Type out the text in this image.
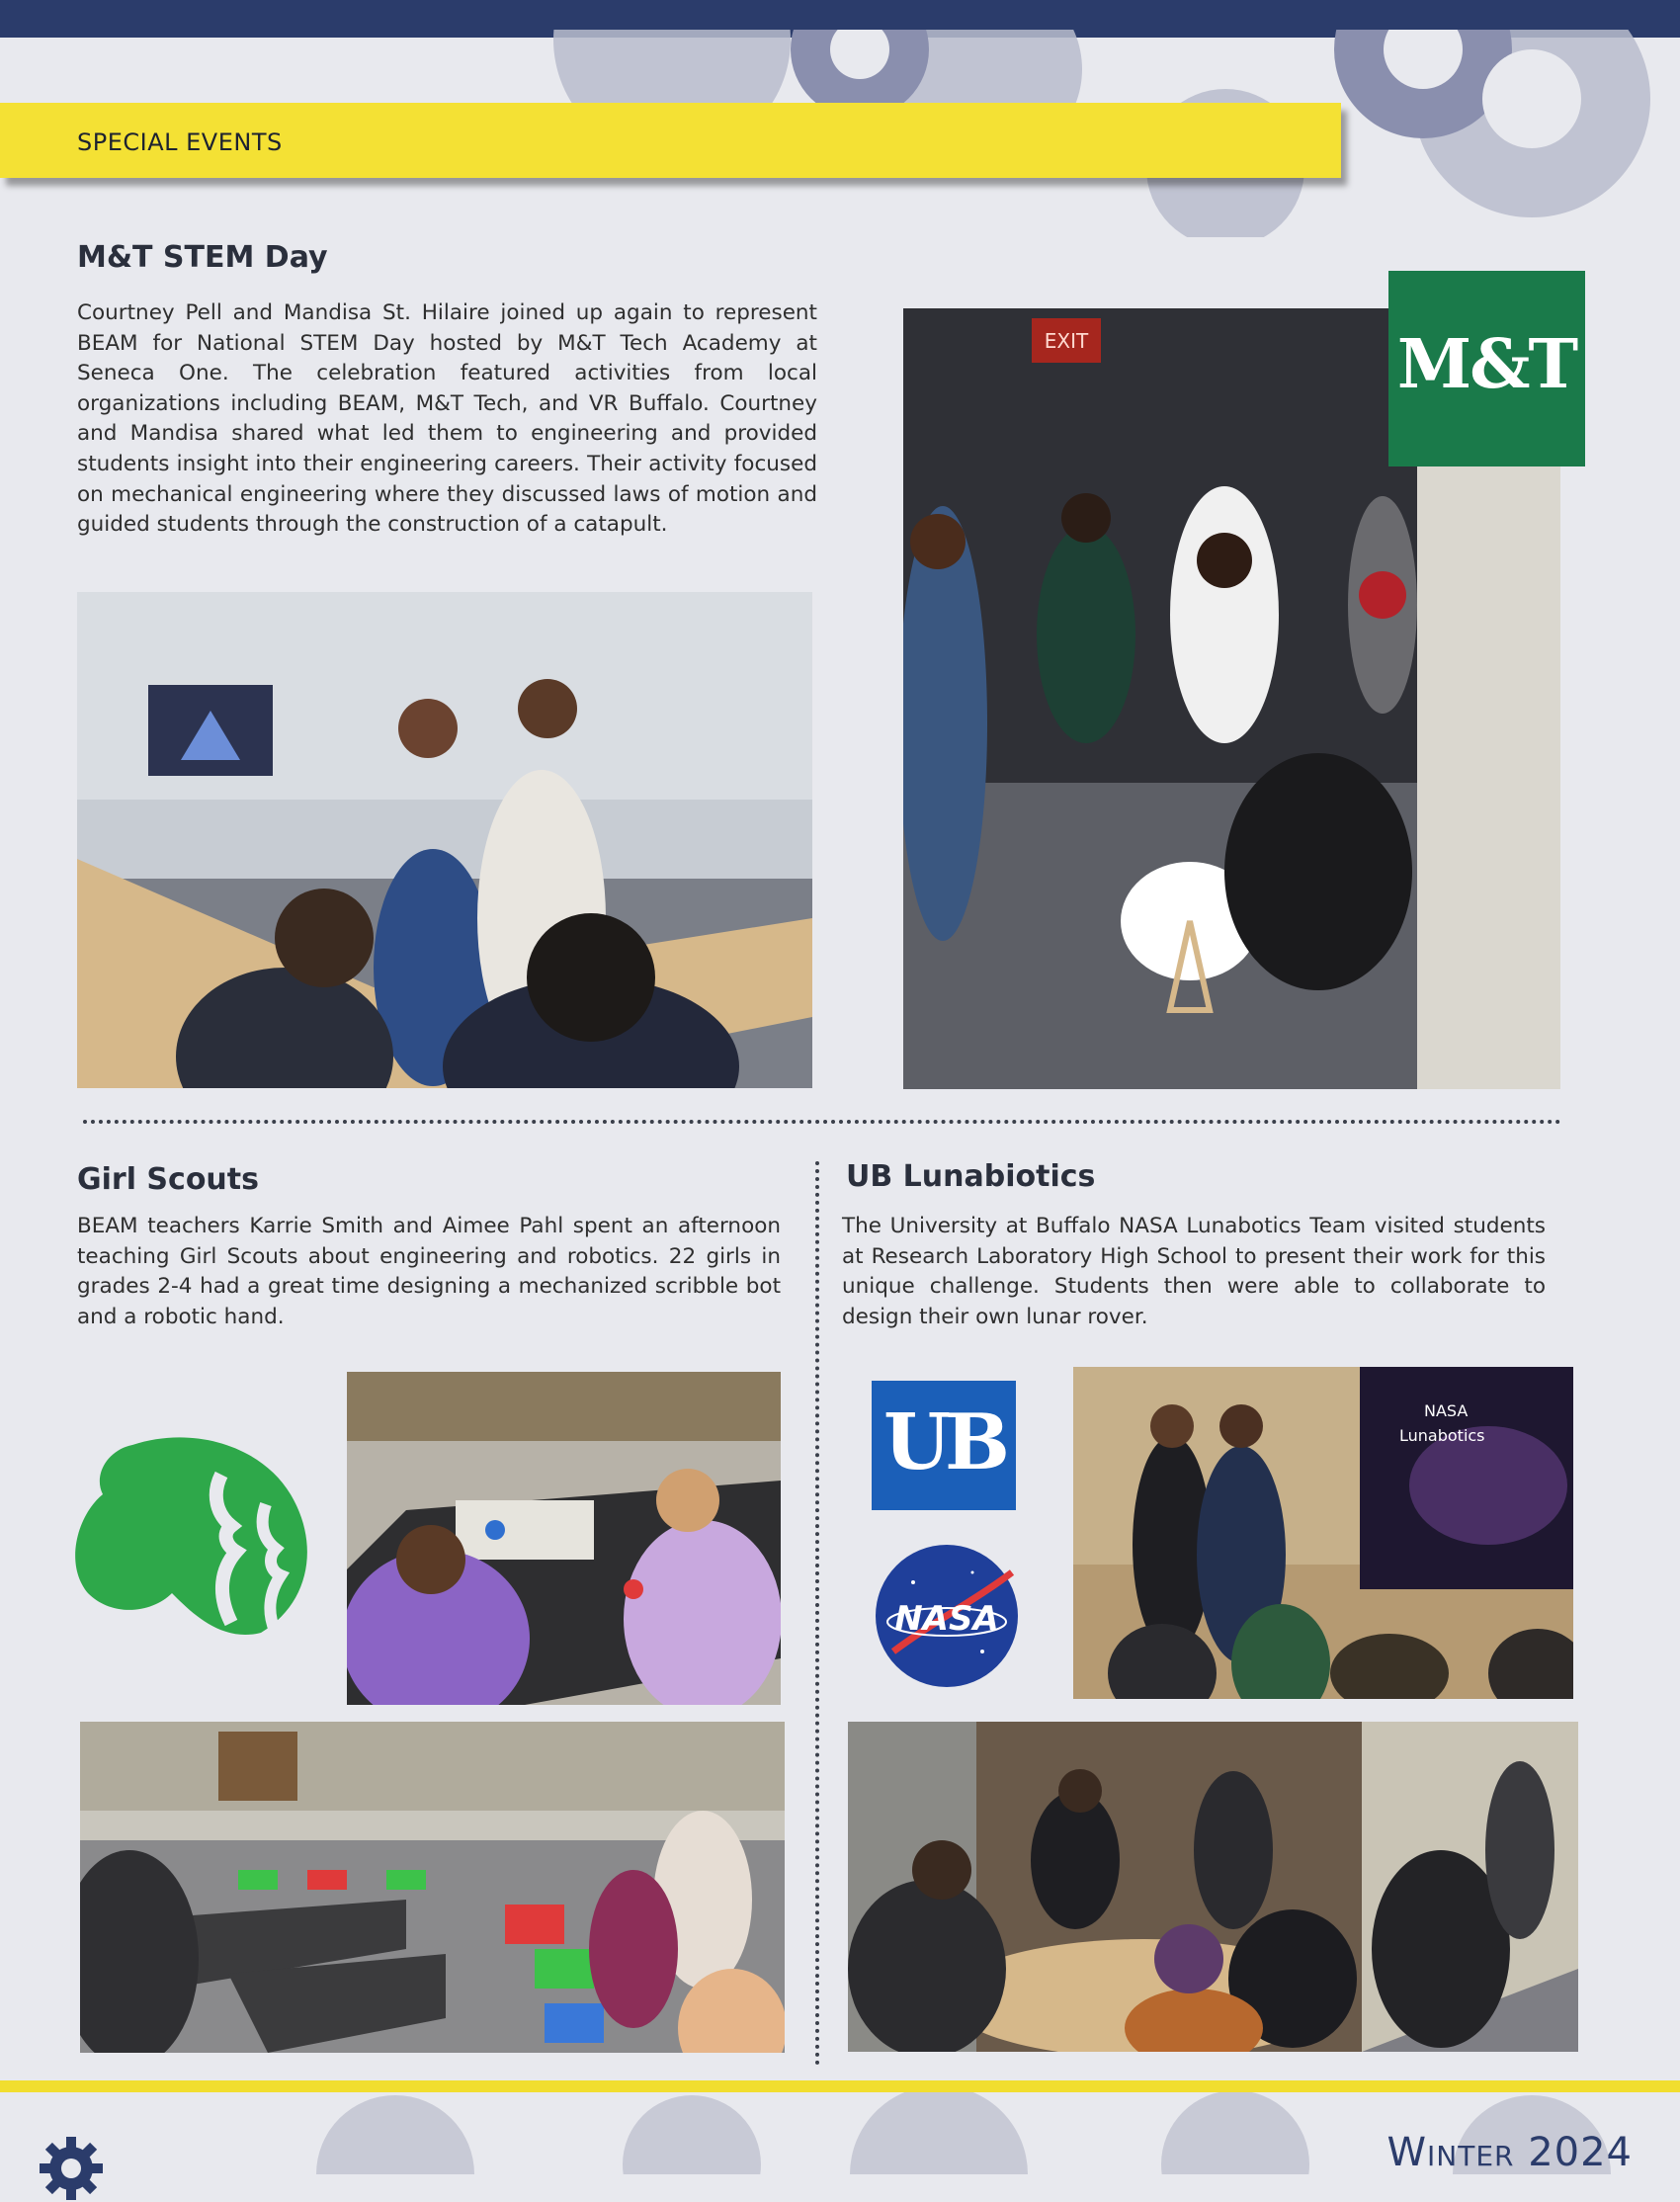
SPECIAL EVENTS
M&T STEM Day

Courtney Pell and Mandisa St. Hilaire joined up again to represent BEAM for National STEM Day hosted by M&T Tech Academy at Seneca One. The celebration featured activities from local organizations including BEAM, M&T Tech, and VR Buffalo. Courtney and Mandisa shared what led them to engineering and provided students insight into their engineering careers. Their activity focused on mechanical engineering where they discussed laws of motion and guided students through the construction of a catapult.

EXIT	M&T
Girl Scouts

BEAM teachers Karrie Smith and Aimee Pahl spent an afternoon teaching Girl Scouts about engineering and robotics. 22 girls in grades 2-4 had a great time designing a mechanized scribble bot and a robotic hand.

UB Lunabiotics

The University at Buffalo NASA Lunabotics Team visited students at Research Laboratory High School to present their work for this unique challenge. Students then were able to collaborate to design their own lunar rover.

UB
NASA
NASA
Lunabotics
Winter 2024
